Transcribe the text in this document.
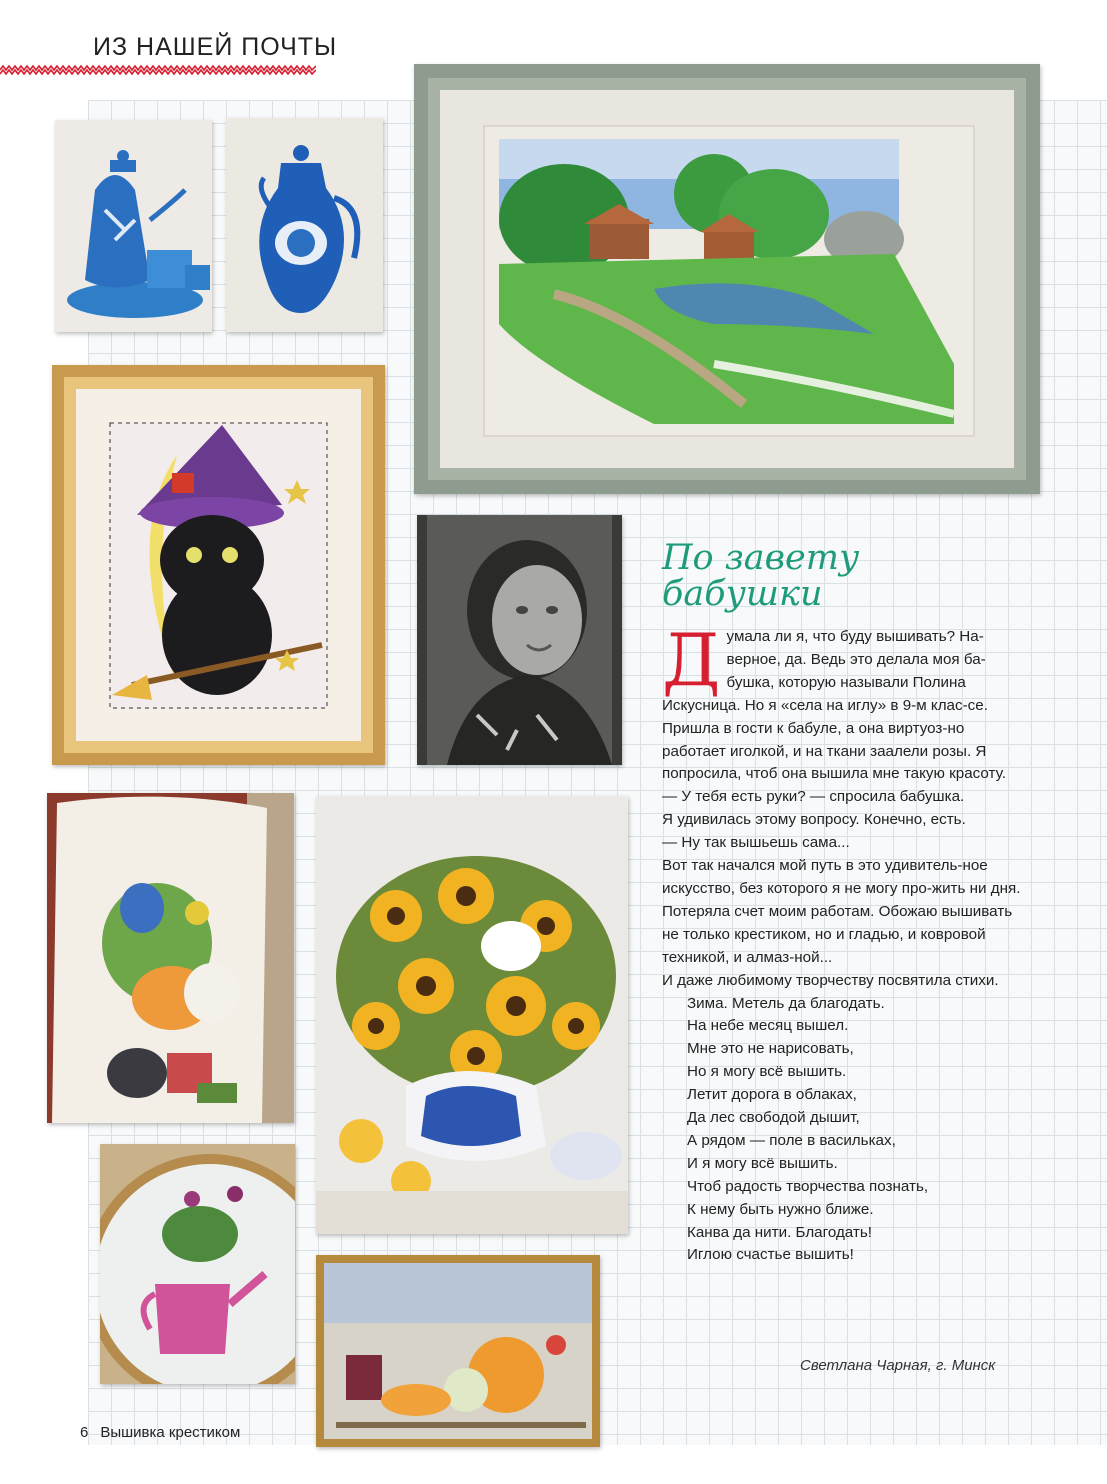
ИЗ НАШЕЙ ПОЧТЫ
По завету
бабушки

Думала ли я, что буду вышивать? На-верное, да. Ведь это делала моя ба-бушка, которую называли Полина Искусница. Но я «села на иглу» в 9-м клас-се. Пришла в гости к бабуле, а она виртуоз-но работает иголкой, и на ткани заалели розы. Я попросила, чтоб она вышила мне такую красоту.

— У тебя есть руки? — спросила бабушка.

Я удивилась этому вопросу. Конечно, есть.

— Ну так вышьешь сама...

Вот так начался мой путь в это удивитель-ное искусство, без которого я не могу про-жить ни дня. Потеряла счет моим работам. Обожаю вышивать не только крестиком, но и гладью, и ковровой техникой, и алмаз-ной...

И даже любимому творчеству посвятила стихи.

Зима. Метель да благодать.

На небе месяц вышел.

Мне это не нарисовать,

Но я могу всё вышить.

Летит дорога в облаках,

Да лес свободой дышит,

А рядом — поле в васильках,

И я могу всё вышить.

Чтоб радость творчества познать,

К нему быть нужно ближе.

Канва да нити. Благодать!

Иглою счастье вышить!

Светлана Чарная, г. Минск
6 Вышивка крестиком
